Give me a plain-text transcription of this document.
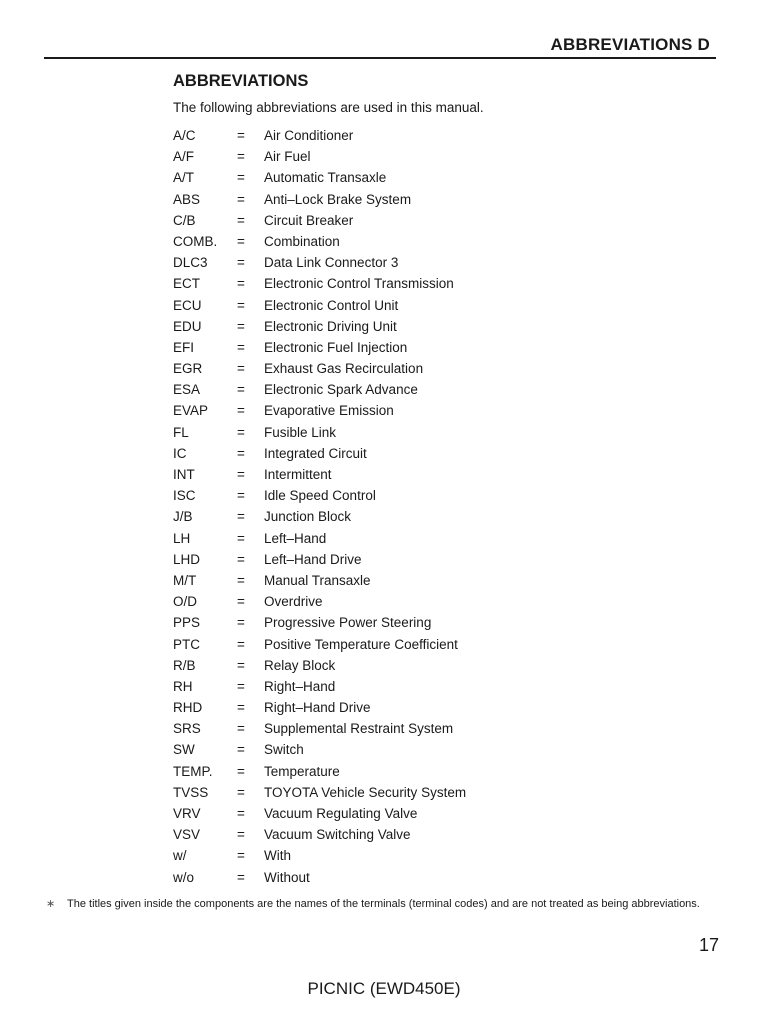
ABBREVIATIONS D
ABBREVIATIONS
The following abbreviations are used in this manual.
A/C	=	Air Conditioner
A/F	=	Air Fuel
A/T	=	Automatic Transaxle
ABS	=	Anti–Lock Brake System
C/B	=	Circuit Breaker
COMB.	=	Combination
DLC3	=	Data Link Connector 3
ECT	=	Electronic Control Transmission
ECU	=	Electronic Control Unit
EDU	=	Electronic Driving Unit
EFI	=	Electronic Fuel Injection
EGR	=	Exhaust Gas Recirculation
ESA	=	Electronic Spark Advance
EVAP	=	Evaporative Emission
FL	=	Fusible Link
IC	=	Integrated Circuit
INT	=	Intermittent
ISC	=	Idle Speed Control
J/B	=	Junction Block
LH	=	Left–Hand
LHD	=	Left–Hand Drive
M/T	=	Manual Transaxle
O/D	=	Overdrive
PPS	=	Progressive Power Steering
PTC	=	Positive Temperature Coefficient
R/B	=	Relay Block
RH	=	Right–Hand
RHD	=	Right–Hand Drive
SRS	=	Supplemental Restraint System
SW	=	Switch
TEMP.	=	Temperature
TVSS	=	TOYOTA Vehicle Security System
VRV	=	Vacuum Regulating Valve
VSV	=	Vacuum Switching Valve
w/	=	With
w/o	=	Without
∗ The titles given inside the components are the names of the terminals (terminal codes) and are not treated as being abbreviations.
17
PICNIC (EWD450E)
